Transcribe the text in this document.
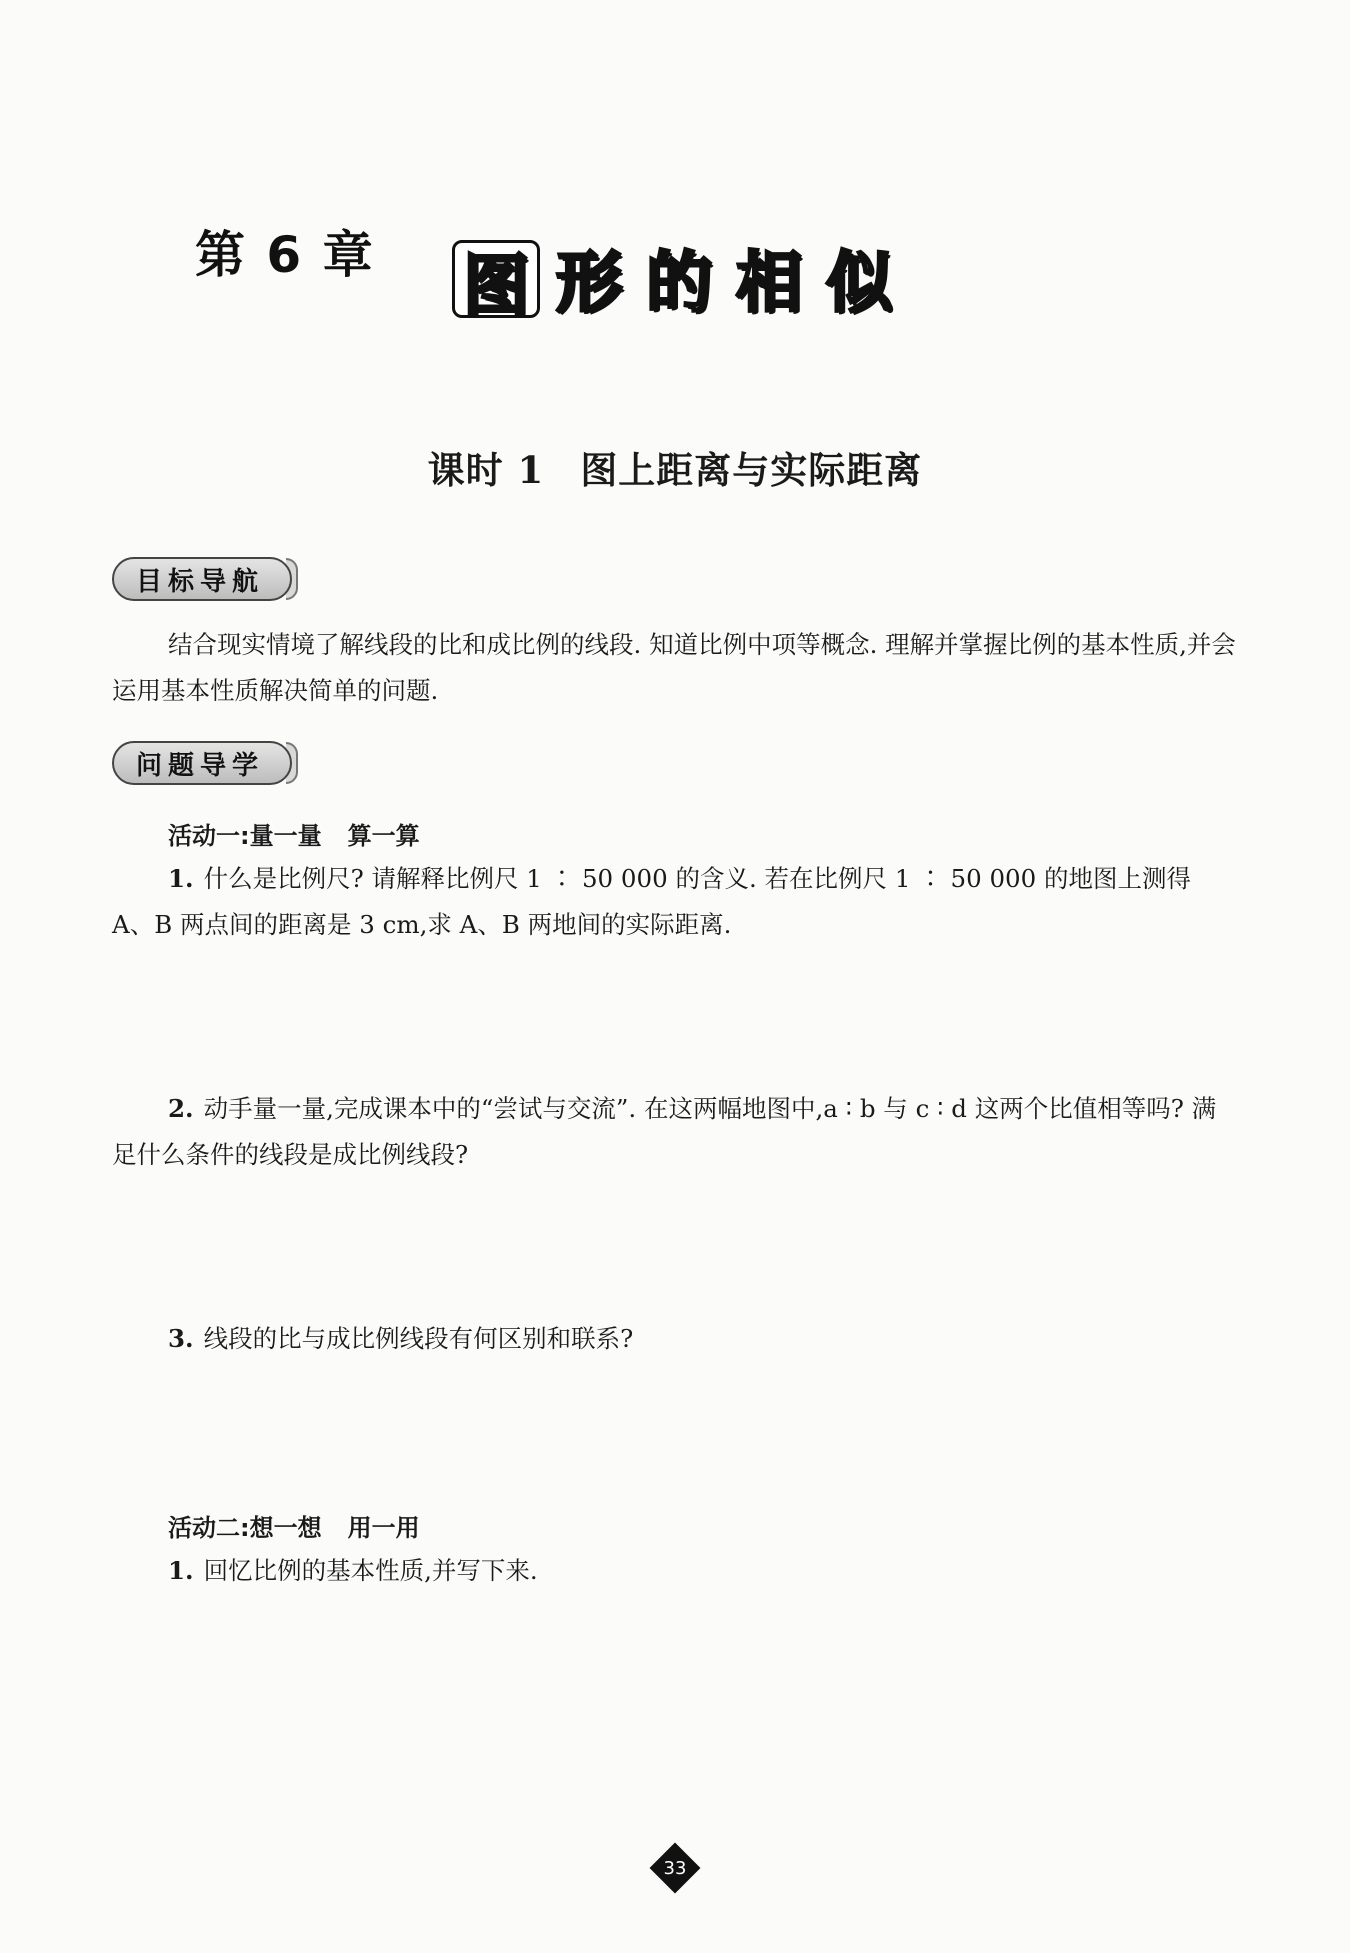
第 6 章 图 形 的 相 似
课时 1 图上距离与实际距离
目标导航
结合现实情境了解线段的比和成比例的线段. 知道比例中项等概念. 理解并掌握比例的基本性质,并会运用基本性质解决简单的问题.
问题导学
活动一:量一量 算一算
1. 什么是比例尺? 请解释比例尺 1 ∶ 50 000 的含义. 若在比例尺 1 ∶ 50 000 的地图上测得 A、B 两点间的距离是 3 cm,求 A、B 两地间的实际距离.
2. 动手量一量,完成课本中的“尝试与交流”. 在这两幅地图中,a ∶ b 与 c ∶ d 这两个比值相等吗? 满足什么条件的线段是成比例线段?
3. 线段的比与成比例线段有何区别和联系?
活动二:想一想 用一用
1. 回忆比例的基本性质,并写下来.
33
